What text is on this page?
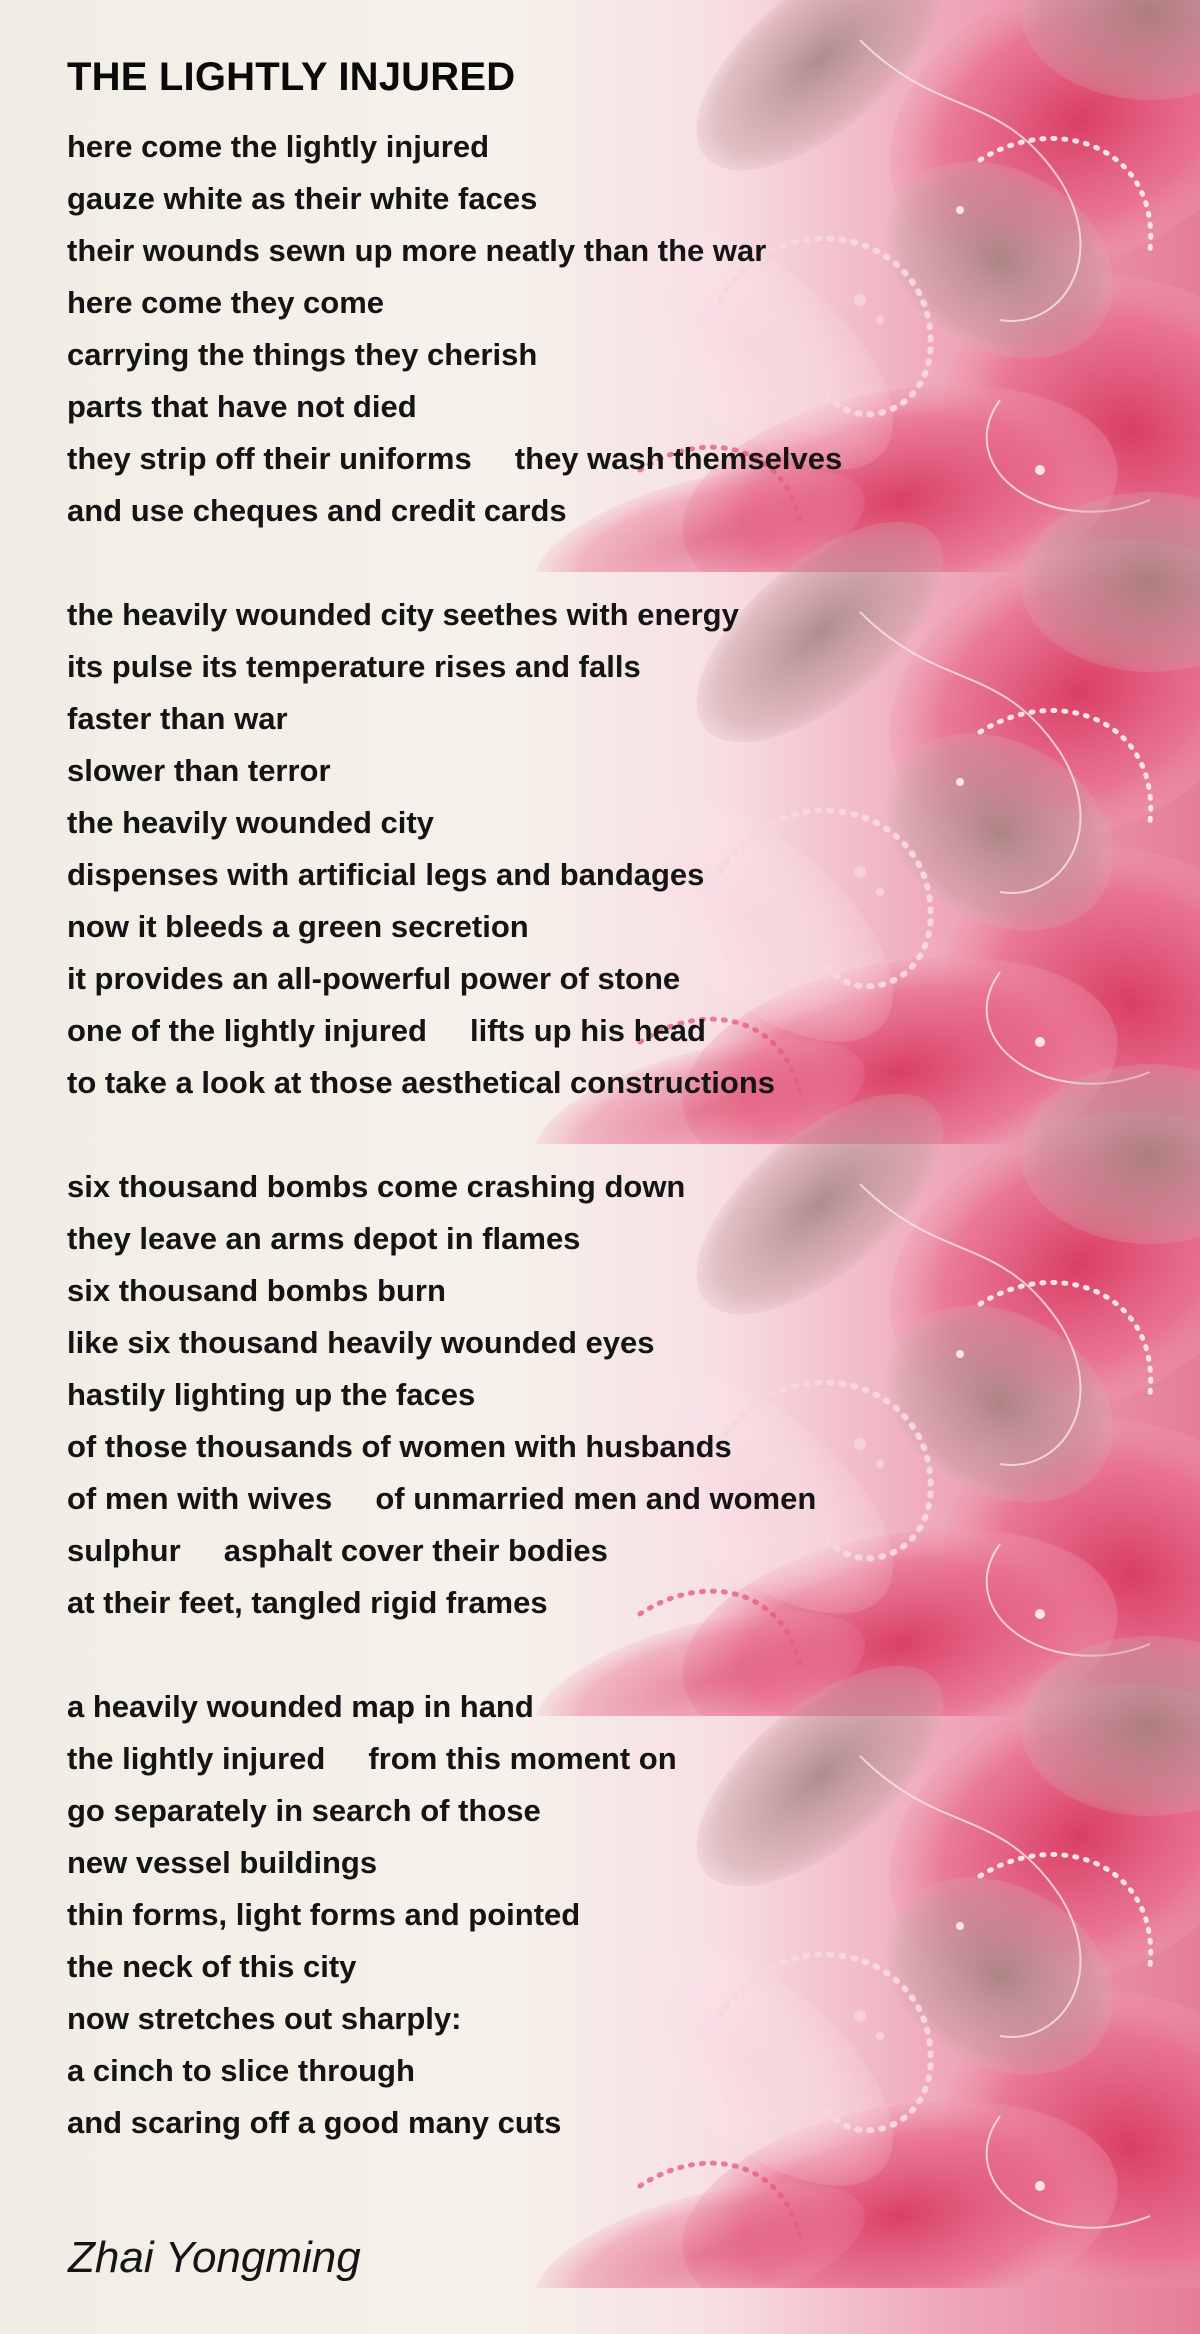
THE LIGHTLY INJURED
here come the lightly injured
gauze white as their white faces
their wounds sewn up more neatly than the war
here come they come
carrying the things they cherish
parts that have not died
they strip off their uniforms     they wash themselves
and use cheques and credit cards
the heavily wounded city seethes with energy
its pulse its temperature rises and falls
faster than war
slower than terror
the heavily wounded city
dispenses with artificial legs and bandages
now it bleeds a green secretion
it provides an all-powerful power of stone
one of the lightly injured     lifts up his head
to take a look at those aesthetical constructions
six thousand bombs come crashing down
they leave an arms depot in flames
six thousand bombs burn
like six thousand heavily wounded eyes
hastily lighting up the faces
of those thousands of women with husbands
of men with wives     of unmarried men and women
sulphur     asphalt cover their bodies
at their feet, tangled rigid frames
a heavily wounded map in hand
the lightly injured     from this moment on
go separately in search of those
new vessel buildings
thin forms, light forms and pointed
the neck of this city
now stretches out sharply:
a cinch to slice through
and scaring off a good many cuts
Zhai Yongming
